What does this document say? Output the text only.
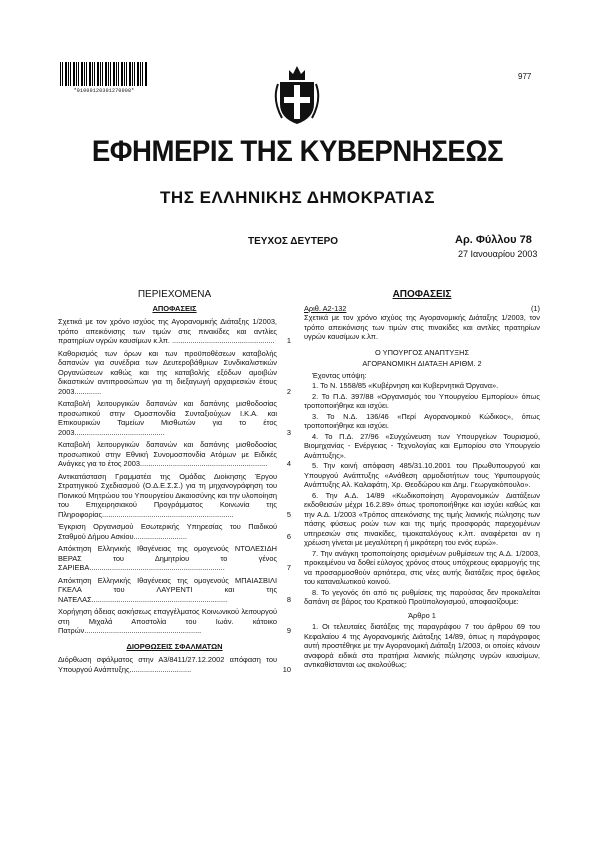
*01000120301270008*
977
ΕΦΗΜΕΡΙΣ ΤΗΣ ΚΥΒΕΡΝΗΣΕΩΣ
ΤΗΣ ΕΛΛΗΝΙΚΗΣ ΔΗΜΟΚΡΑΤΙΑΣ
ΤΕΥΧΟΣ ΔΕΥΤΕΡΟ	Αρ. Φύλλου 78
27 Ιανουαρίου 2003
ΠΕΡΙΕΧΟΜΕΝΑ
ΑΠΟΦΑΣΕΙΣ
Σχετικά με τον χρόνο ισχύος της Αγορανομικής Διάταξης 1/2003, τρόπο απεικόνισης των τιμών στις πινακίδες και αντλίες πρατηρίων υγρών καυσίμων κ.λπ. ..................................................	1
Καθορισμός των όρων και των προϋποθέσεων καταβολής δαπανών για συνέδρια των Δευτεροβάθμιων Συνδικαλιστικών Οργανώσεων καθώς και της καταβολής εξόδων αμοιβών δικαστικών αντιπροσώπων για τη διεξαγωγή αρχαιρεσιών έτους 2003.............	2
Καταβολή λειτουργικών δαπανών και δαπάνης μισθοδοσίας προσωπικού στην Ομοσπονδία Συνταξιούχων Ι.Κ.Α. και Επικουρικών Ταμείων Μισθωτών για το έτος 2003............................................	3
Καταβολή λειτουργικών δαπανών και δαπάνης μισθοδοσίας προσωπικού στην Εθνική Συνομοσπονδία Ατόμων με Ειδικές Ανάγκες για το έτος 2003..............................................................	4
Αντικατάσταση Γραμματέα της Ομάδας Διοίκησης Έργου Στρατηγικού Σχεδιασμού (Ο.Δ.Ε.Σ.Σ.) για τη μηχανογράφηση του Ποινικού Μητρώου του Υπουργείου Δικαιοσύνης και την υλοποίηση του Επιχειρησιακού Προγράμματος Κοινωνία της Πληροφορίας................................................................	5
Έγκριση Οργανισμού Εσωτερικής Υπηρεσίας του Παιδικού Σταθμού Δήμου Ασκίου..........................	6
Απόκτηση Ελληνικής Ιθαγένειας της ομογενούς ΝΤΟΛΕΣΙΔΗ ΒΕΡΑΣ του Δημητρίου το γένος ΣΑΡΙΕΒΑ..................................................................	7
Απόκτηση Ελληνικής Ιθαγένειας της ομογενούς ΜΠΑΙΑΣΒΙΛΙ ΓΚΕΛΑ του ΛΑΥΡΕΝΤΙ και της ΝΑΤΕΛΑΣ..................................................................	8
Χορήγηση άδειας ασκήσεως επαγγέλματος Κοινωνικού λειτουργού στη Μιχαλά Αποστολία του Ιωάν. κάτοικο Πατρών.........................................................	9
ΔΙΟΡΘΩΣΕΙΣ ΣΦΑΛΜΑΤΩΝ
Διόρθωση σφάλματος στην Α3/8411/27.12.2002 απόφαση του Υπουργού Ανάπτυξης..............................	10
ΑΠΟΦΑΣΕΙΣ
Αριθ. Α2-132	(1)
Σχετικά με τον χρόνο ισχύος της Αγορανομικής Διάταξης 1/2003, τον τρόπο απεικόνισης των τιμών στις πινακίδες και αντλίες πρατηρίων υγρών καυσίμων κ.λπ.
Ο ΥΠΟΥΡΓΟΣ ΑΝΑΠΤΥΞΗΣ
ΑΓΟΡΑΝΟΜΙΚΗ ΔΙΑΤΑΞΗ ΑΡΙΘΜ. 2
Έχοντας υπόψη:
1. Το Ν. 1558/85 «Κυβέρνηση και Κυβερνητικά Όργανα».
2. Το Π.Δ. 397/88 «Οργανισμός του Υπουργείου Εμπορίου» όπως τροποποιήθηκε και ισχύει.
3. Το Ν.Δ. 136/46 «Περί Αγορανομικού Κώδικος», όπως τροποποιήθηκε και ισχύει.
4. Το Π.Δ. 27/96 «Συγχώνευση των Υπουργείων Τουρισμού, Βιομηχανίας - Ενέργειας - Τεχνολογίας και Εμπορίου στο Υπουργείο Ανάπτυξης».
5. Την κοινή απόφαση 485/31.10.2001 του Πρωθυπουργού και Υπουργού Ανάπτυξης «Ανάθεση αρμοδιοτήτων τους Υφυπουργούς Ανάπτυξης Αλ. Καλαφάτη, Χρ. Θεοδώρου και Δημ. Γεωργακόπουλο».
6. Την Α.Δ. 14/89 «Κωδικοποίηση Αγορανομικών Διατάξεων εκδοθεισών μέχρι 16.2.89» όπως τροποποιήθηκε και ισχύει καθώς και την Α.Δ. 1/2003 «Τρόπος απεικόνισης της τιμής λιανικής πώλησης των πάσης φύσεως ροών των και της τιμής προσφοράς παρεχομένων υπηρεσιών στις πινακίδες, τιμοκαταλόγους κ.λπ. αναφέρεται αν η χρέωση γίνεται με μεγαλύτερη ή μικρότερη του ενός ευρώ».
7. Την ανάγκη τροποποίησης ορισμένων ρυθμίσεων της Α.Δ. 1/2003, προκειμένου να δοθεί εύλογος χρόνος στους υπόχρεους εφαρμογής της να προσαρμοσθούν αρτιότερα, στις νέες αυτής διατάξεις προς όφελος του καταναλωτικού κοινού.
8. Το γεγονός ότι από τις ρυθμίσεις της παρούσας δεν προκαλείται δαπάνη σε βάρος του Κρατικού Προϋπολογισμού, αποφασίζουμε:
Άρθρο 1
1. Οι τελευταίες διατάξεις της παραγράφου 7 του άρθρου 69 του Κεφαλαίου 4 της Αγορανομικής Διάταξης 14/89, όπως η παράγραφος αυτή προστέθηκε με την Αγορανομική Διάταξη 1/2003, οι οποίες κάνουν αναφορά ειδικά στα πρατήρια λιανικής πώλησης υγρών καυσίμων, αντικαθίστανται ως ακολούθως:
